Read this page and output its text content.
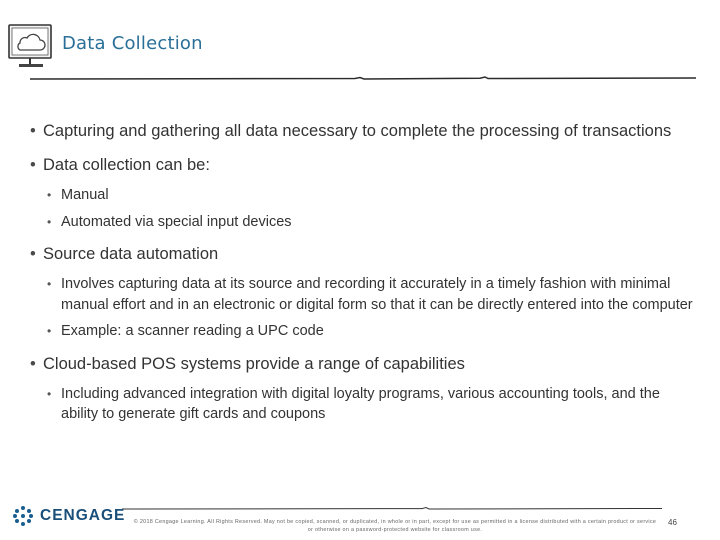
Data Collection
• Capturing and gathering all data necessary to complete the processing of transactions
• Data collection can be:
• Manual
• Automated via special input devices
• Source data automation
• Involves capturing data at its source and recording it accurately in a timely fashion with minimal manual effort and in an electronic or digital form so that it can be directly entered into the computer
• Example: a scanner reading a UPC code
• Cloud-based POS systems provide a range of capabilities
• Including advanced integration with digital loyalty programs, various accounting tools, and the ability to generate gift cards and coupons
CENGAGE	© 2018 Cengage Learning. All Rights Reserved. May not be copied, scanned, or duplicated, in whole or in part, except for use as permitted in a license distributed with a certain product or service or otherwise on a password-protected website for classroom use.
46
